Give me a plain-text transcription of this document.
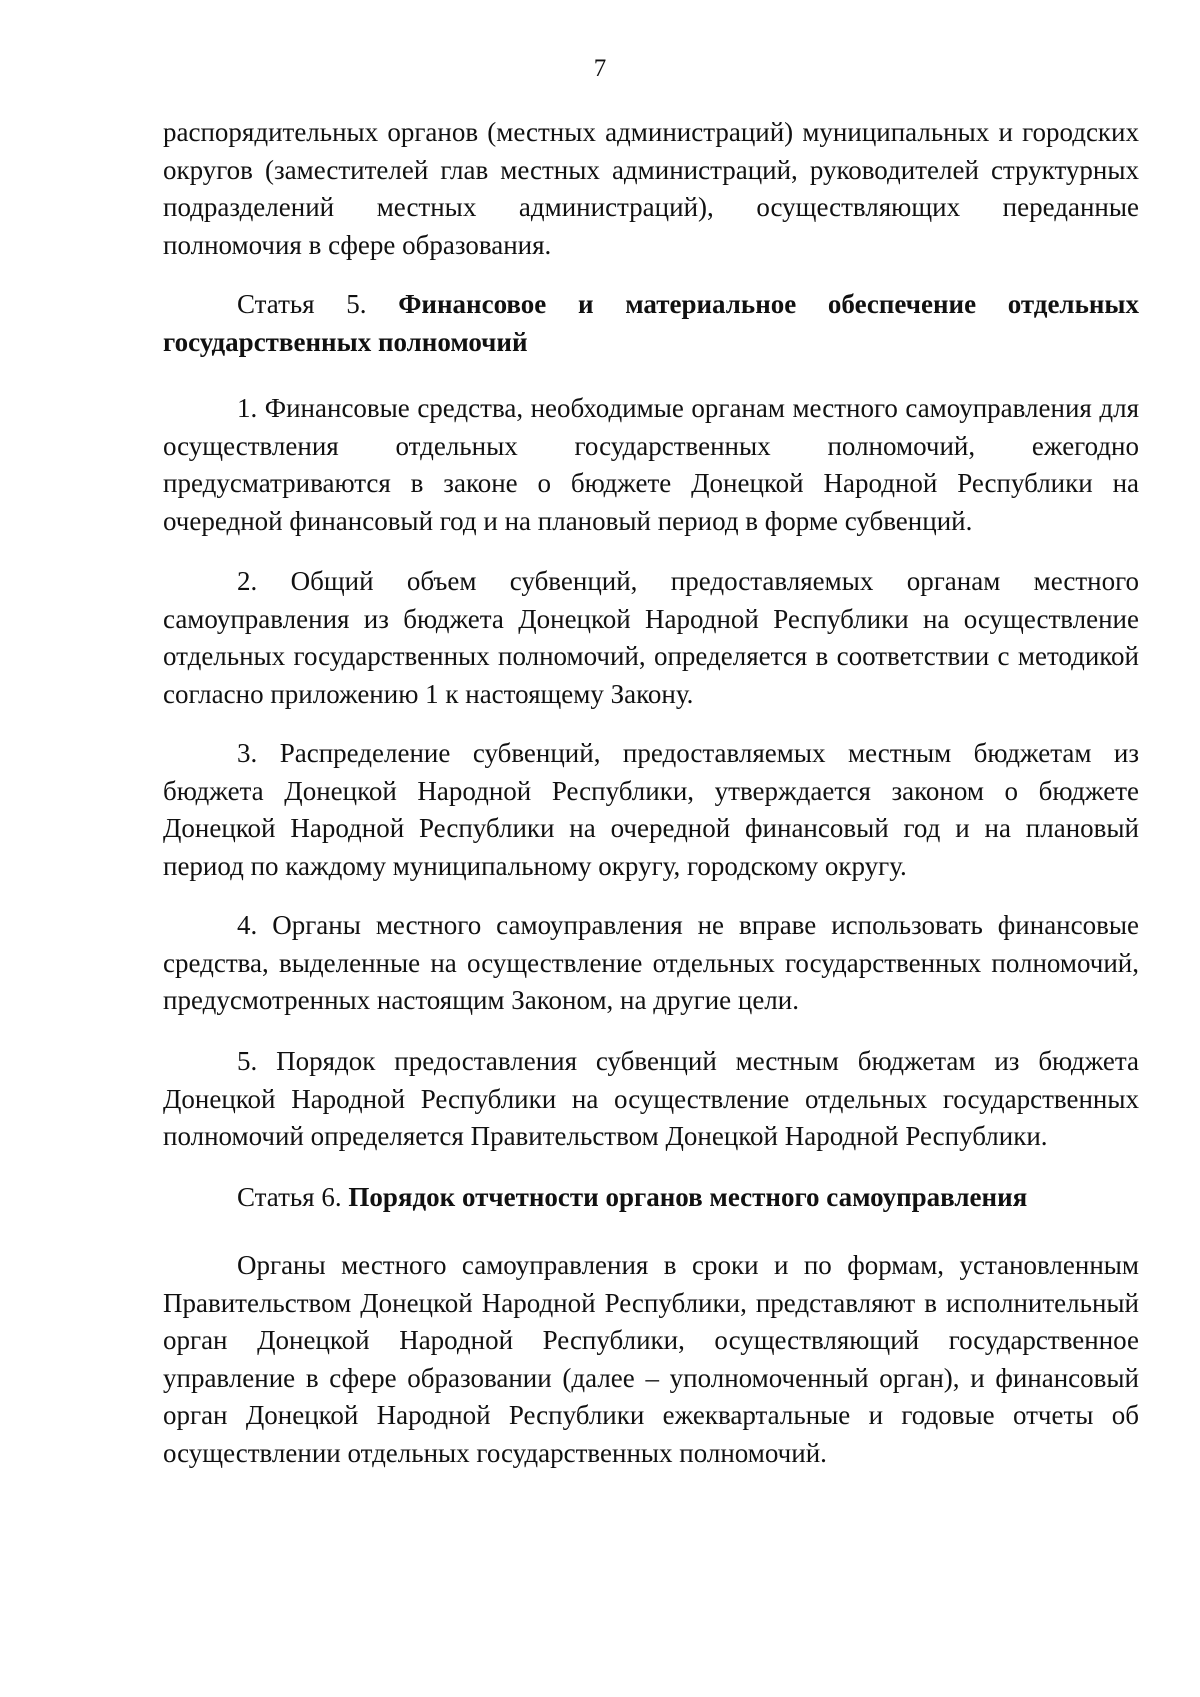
7

распорядительных органов (местных администраций) муниципальных и городских округов (заместителей глав местных администраций, руководителей структурных подразделений местных администраций), осуществляющих переданные полномочия в сфере образования.

Статья 5. Финансовое и материальное обеспечение отдельных государственных полномочий

1. Финансовые средства, необходимые органам местного самоуправления для осуществления отдельных государственных полномочий, ежегодно предусматриваются в законе о бюджете Донецкой Народной Республики на очередной финансовый год и на плановый период в форме субвенций.

2. Общий объем субвенций, предоставляемых органам местного самоуправления из бюджета Донецкой Народной Республики на осуществление отдельных государственных полномочий, определяется в соответствии с методикой согласно приложению 1 к настоящему Закону.

3. Распределение субвенций, предоставляемых местным бюджетам из бюджета Донецкой Народной Республики, утверждается законом о бюджете Донецкой Народной Республики на очередной финансовый год и на плановый период по каждому муниципальному округу, городскому округу.

4. Органы местного самоуправления не вправе использовать финансовые средства, выделенные на осуществление отдельных государственных полномочий, предусмотренных настоящим Законом, на другие цели.

5. Порядок предоставления субвенций местным бюджетам из бюджета Донецкой Народной Республики на осуществление отдельных государственных полномочий определяется Правительством Донецкой Народной Республики.

Статья 6. Порядок отчетности органов местного самоуправления

Органы местного самоуправления в сроки и по формам, установленным Правительством Донецкой Народной Республики, представляют в исполнительный орган Донецкой Народной Республики, осуществляющий государственное управление в сфере образовании (далее – уполномоченный орган), и финансовый орган Донецкой Народной Республики ежеквартальные и годовые отчеты об осуществлении отдельных государственных полномочий.
